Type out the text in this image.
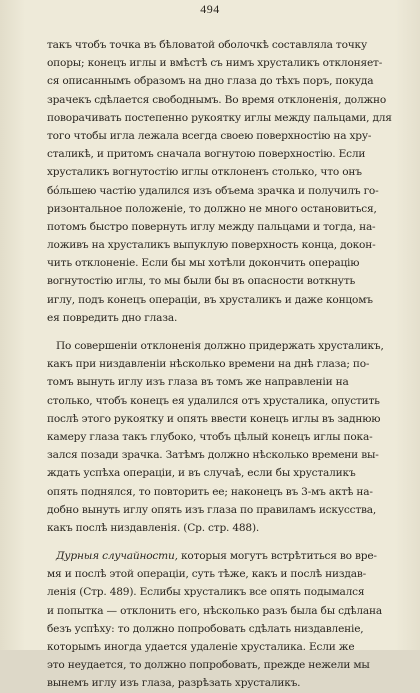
494
такъ чтобъ точка въ бѣловатой оболочкѣ составляла точку
опоры; конецъ иглы и вмѣстѣ съ нимъ хрусталикъ отклоняет-
ся описаннымъ образомъ на дно глаза до тѣхъ поръ, покуда
зрачекъ сдѣлается свободнымъ. Во время отклоненія, должно
поворачивать постепенно рукоятку иглы между пальцами, для
того чтобы игла лежала всегда своею поверхностію на хру-
сталикѣ, и притомъ сначала вогнутою поверхностію. Если
хрусталикъ вогнутостію иглы отклоненъ столько, что онъ
бо́льшею частію удалился изъ объема зрачка и получилъ го-
ризонтальное положеніе, то должно не много остановиться,
потомъ быстро повернуть иглу между пальцами и тогда, на-
ложивъ на хрусталикъ выпуклую поверхность конца, докон-
чить отклоненіе. Если бы мы хотѣли докончить операцію
вогнутостію иглы, то мы были бы въ опасности воткнуть
иглу, подъ конецъ операціи, въ хрусталикъ и даже концомъ
ея повредить дно глаза.
По совершеніи отклоненія должно придержать хрусталикъ,
какъ при низдавленіи нѣсколько времени на днѣ глаза; по-
томъ вынуть иглу изъ глаза въ томъ же направленіи на
столько, чтобъ конецъ ея удалился отъ хрусталика, опустить
послѣ этого рукоятку и опять ввести конецъ иглы въ заднюю
камеру глаза такъ глубоко, чтобъ цѣлый конецъ иглы пока-
зался позади зрачка. Затѣмъ должно нѣсколько времени вы-
ждать успѣха операціи, и въ случаѣ, если бы хрусталикъ
опять поднялся, то повторить ее; наконецъ въ 3-мъ актѣ на-
добно вынуть иглу опять изъ глаза по правиламъ искусства,
какъ послѣ низдавленія. (Ср. стр. 488).
Дурныя случайности, которыя могутъ встрѣтиться во вре-
мя и послѣ этой операціи, суть тѣже, какъ и послѣ низдав-
ленія (Стр. 489). Еслибы хрусталикъ все опять подымался
и попытка — отклонить его, нѣсколько разъ была бы сдѣлана
безъ успѣху: то должно попробовать сдѣлать низдавленіе,
которымъ иногда удается удаленіе хрусталика. Если же
это неудается, то должно попробовать, прежде нежели мы
вынемъ иглу изъ глаза, разрѣзать хрусталикъ.
